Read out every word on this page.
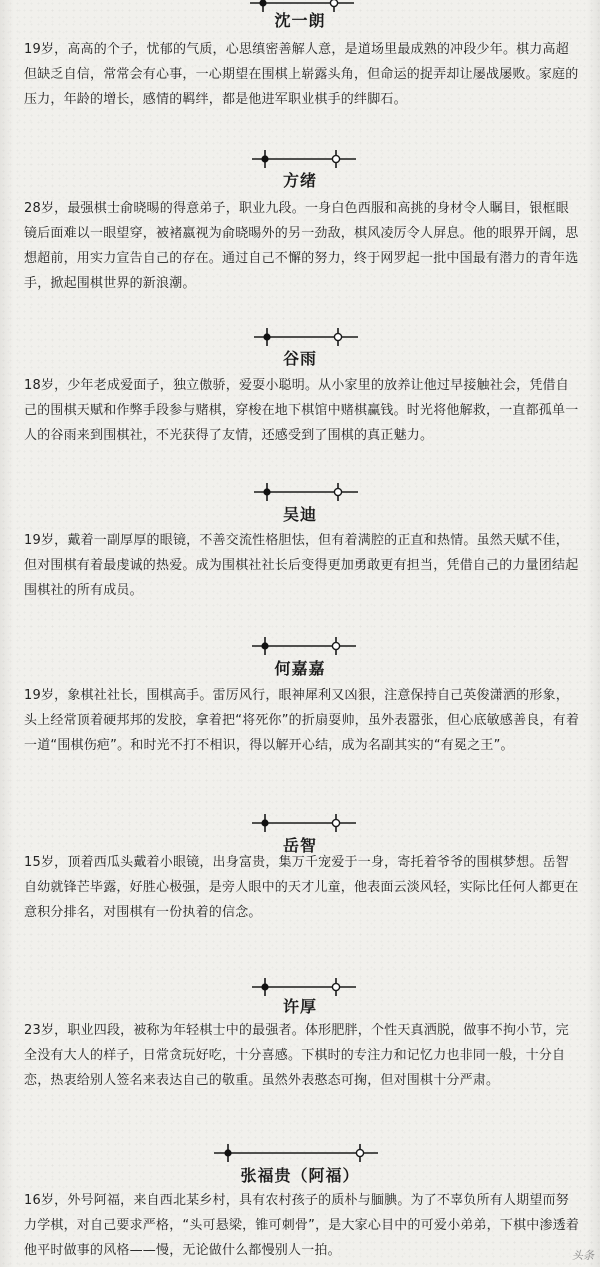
沈一朗
19岁，高高的个子，忧郁的气质，心思缜密善解人意，是道场里最成熟的冲段少年。棋力高超但缺乏自信，常常会有心事，一心期望在围棋上崭露头角，但命运的捉弄却让屡战屡败。家庭的压力，年龄的增长，感情的羁绊，都是他进军职业棋手的绊脚石。
方绪
28岁，最强棋士俞晓晹的得意弟子，职业九段。一身白色西服和高挑的身材令人瞩目，银框眼镜后面难以一眼望穿，被褚嬴视为俞晓晹外的另一劲敌，棋风凌厉令人屏息。他的眼界开阔，思想超前，用实力宣告自己的存在。通过自己不懈的努力，终于网罗起一批中国最有潜力的青年选手，掀起围棋世界的新浪潮。
谷雨
18岁，少年老成爱面子，独立傲骄，爱耍小聪明。从小家里的放养让他过早接触社会，凭借自己的围棋天赋和作弊手段参与赌棋，穿梭在地下棋馆中赌棋赢钱。时光将他解救，一直都孤单一人的谷雨来到围棋社，不光获得了友情，还感受到了围棋的真正魅力。
吴迪
19岁，戴着一副厚厚的眼镜，不善交流性格胆怯，但有着满腔的正直和热情。虽然天赋不佳，但对围棋有着最虔诚的热爱。成为围棋社社长后变得更加勇敢更有担当，凭借自己的力量团结起围棋社的所有成员。
何嘉嘉
19岁，象棋社社长，围棋高手。雷厉风行，眼神犀利又凶狠，注意保持自己英俊潇洒的形象，头上经常顶着硬邦邦的发胶，拿着把“将死你”的折扇耍帅，虽外表嚣张，但心底敏感善良，有着一道“围棋伤疤”。和时光不打不相识，得以解开心结，成为名副其实的“有冕之王”。
岳智
15岁，顶着西瓜头戴着小眼镜，出身富贵，集万千宠爱于一身，寄托着爷爷的围棋梦想。岳智自幼就锋芒毕露，好胜心极强，是旁人眼中的天才儿童，他表面云淡风轻，实际比任何人都更在意积分排名，对围棋有一份执着的信念。
许厚
23岁，职业四段，被称为年轻棋士中的最强者。体形肥胖，个性天真洒脱，做事不拘小节，完全没有大人的样子，日常贪玩好吃，十分喜感。下棋时的专注力和记忆力也非同一般，十分自恋，热衷给别人签名来表达自己的敬重。虽然外表憨态可掬，但对围棋十分严肃。
张福贵（阿福）
16岁，外号阿福，来自西北某乡村，具有农村孩子的质朴与腼腆。为了不辜负所有人期望而努力学棋，对自己要求严格，“头可悬梁，锥可刺骨”，是大家心目中的可爱小弟弟，下棋中渗透着他平时做事的风格——慢，无论做什么都慢别人一拍。	头条
